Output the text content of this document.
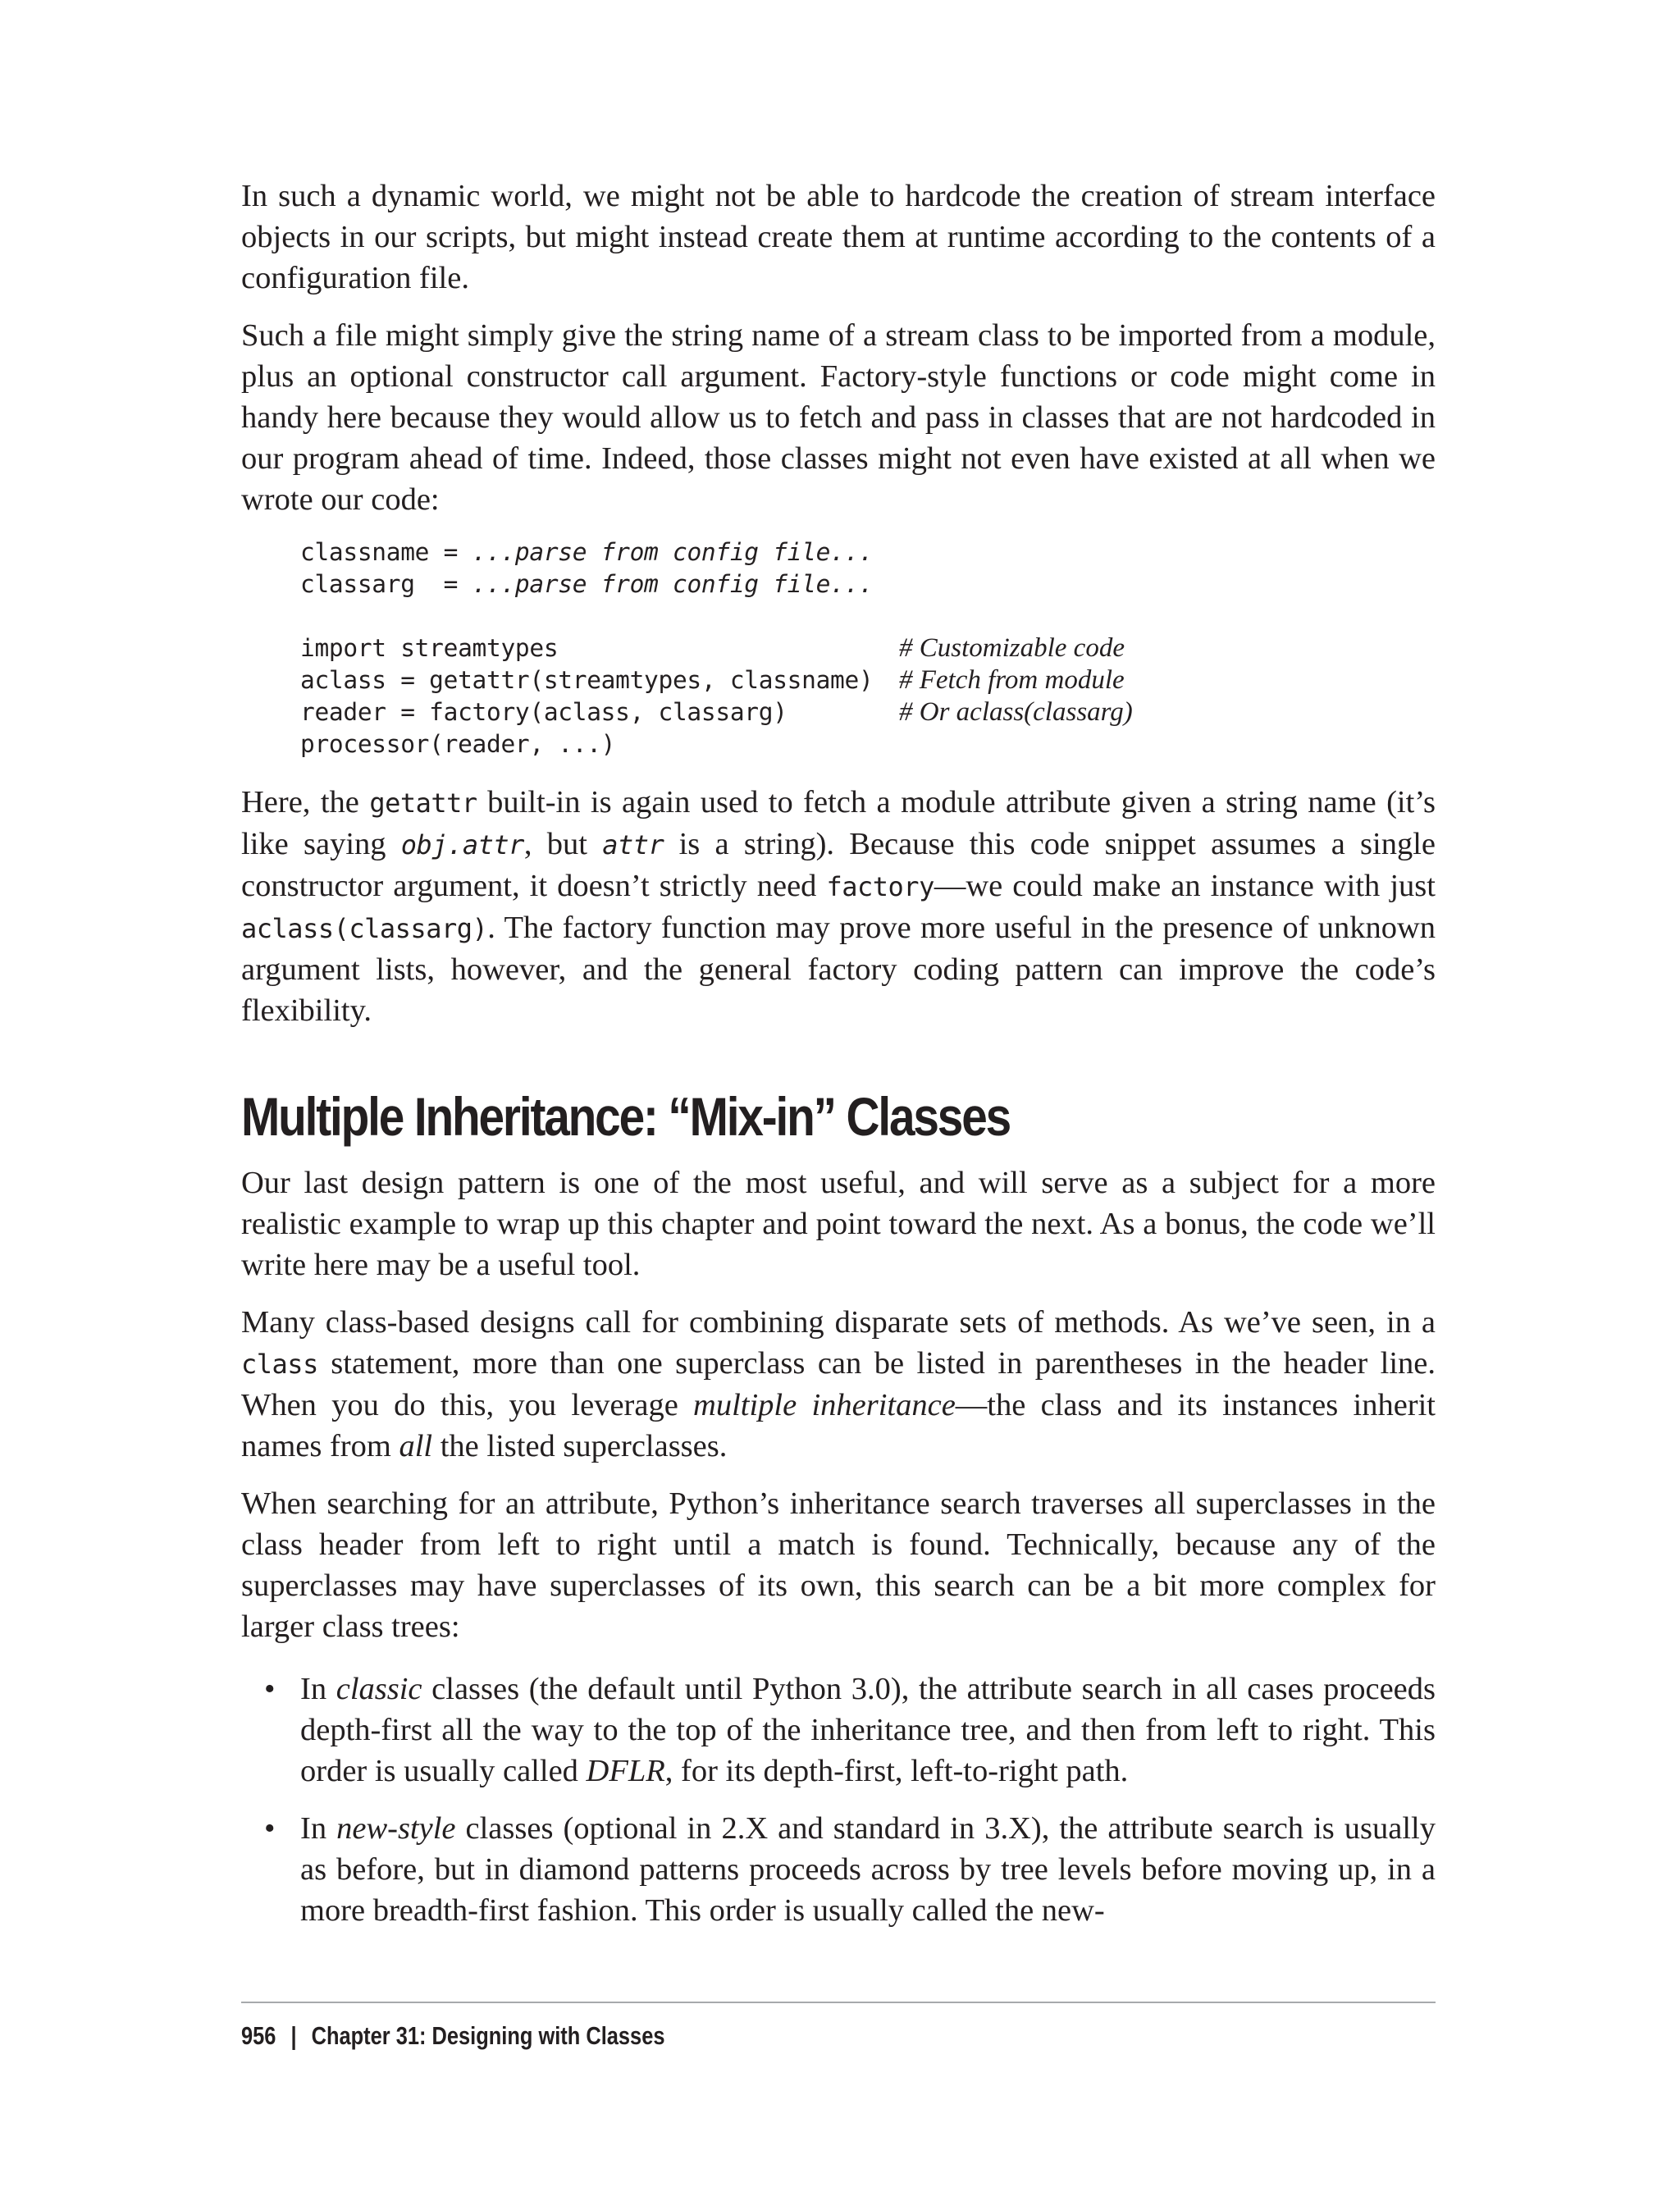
In such a dynamic world, we might not be able to hardcode the creation of stream interface objects in our scripts, but might instead create them at runtime according to the contents of a configuration file.

Such a file might simply give the string name of a stream class to be imported from a module, plus an optional constructor call argument. Factory-style functions or code might come in handy here because they would allow us to fetch and pass in classes that are not hardcoded in our program ahead of time. Indeed, those classes might not even have existed at all when we wrote our code:

classname = ...parse from config file...
classarg  = ...parse from config file...

import streamtypes	# Customizable code
aclass = getattr(streamtypes, classname) # Fetch from module
reader = factory(aclass, classarg)	# Or aclass(classarg)
processor(reader, ...)

Here, the getattr built-in is again used to fetch a module attribute given a string name (it’s like saying obj.attr, but attr is a string). Because this code snippet assumes a single constructor argument, it doesn’t strictly need factory—we could make an instance with just aclass(classarg). The factory function may prove more useful in the presence of unknown argument lists, however, and the general factory coding pattern can improve the code’s flexibility.

Multiple Inheritance: “Mix-in” Classes

Our last design pattern is one of the most useful, and will serve as a subject for a more realistic example to wrap up this chapter and point toward the next. As a bonus, the code we’ll write here may be a useful tool.

Many class-based designs call for combining disparate sets of methods. As we’ve seen, in a class statement, more than one superclass can be listed in parentheses in the header line. When you do this, you leverage multiple inheritance—the class and its instances inherit names from all the listed superclasses.

When searching for an attribute, Python’s inheritance search traverses all superclasses in the class header from left to right until a match is found. Technically, because any of the superclasses may have superclasses of its own, this search can be a bit more complex for larger class trees:

• In classic classes (the default until Python 3.0), the attribute search in all cases proceeds depth-first all the way to the top of the inheritance tree, and then from left to right. This order is usually called DFLR, for its depth-first, left-to-right path.
• In new-style classes (optional in 2.X and standard in 3.X), the attribute search is usually as before, but in diamond patterns proceeds across by tree levels before moving up, in a more breadth-first fashion. This order is usually called the new-
956 | Chapter 31: Designing with Classes
